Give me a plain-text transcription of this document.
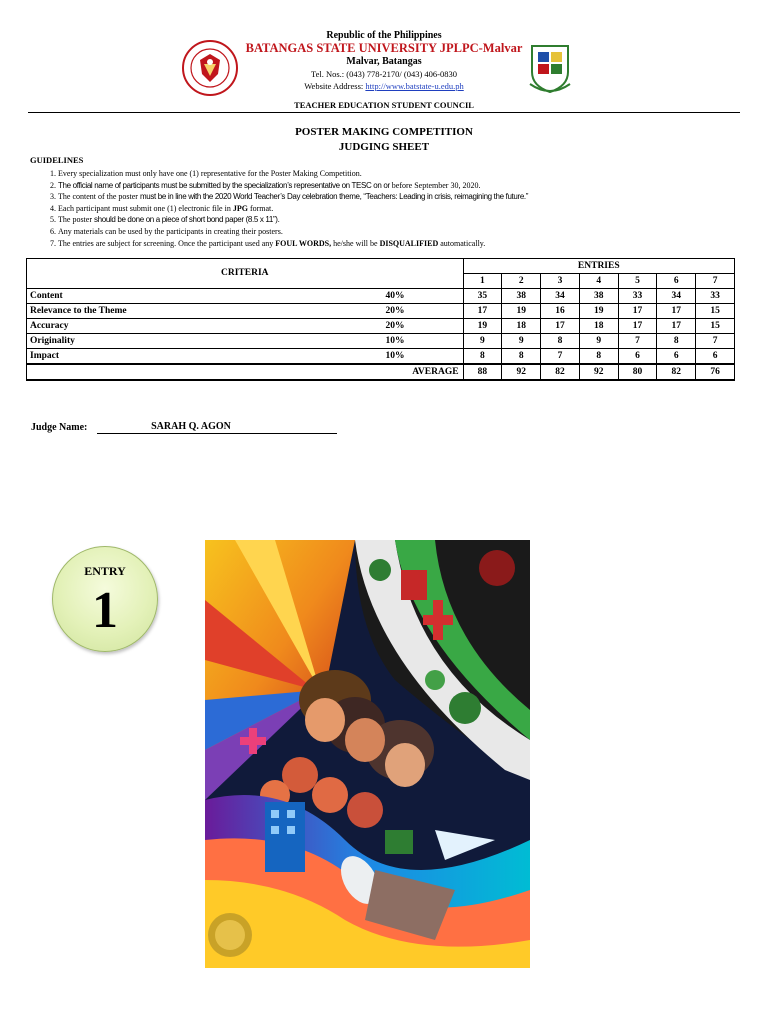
Republic of the Philippines
BATANGAS STATE UNIVERSITY JPLPC-Malvar
Malvar, Batangas
Tel. Nos.: (043) 778-2170/ (043) 406-0830
Website Address: http://www.batstate-u.edu.ph
TEACHER EDUCATION STUDENT COUNCIL
POSTER MAKING COMPETITION
JUDGING SHEET
GUIDELINES
1. Every specialization must only have one (1) representative for the Poster Making Competition.
2. The official name of participants must be submitted by the specialization’s representative on TESC on or before September 30, 2020.
3. The content of the poster must be in line with the 2020 World Teacher’s Day celebration theme, “Teachers: Leading in crisis, reimagining the future.”
4. Each participant must submit one (1) electronic file in JPG format.
5. The poster should be done on a piece of short bond paper (8.5 x 11”).
6. Any materials can be used by the participants in creating their posters.
7. The entries are subject for screening. Once the participant used any FOUL WORDS, he/she will be DISQUALIFIED automatically.
CRITERIA		ENTRIES						
		1	2	3	4	5	6	7
Content	40%	35	38	34	38	33	34	33
Relevance to the Theme	20%	17	19	16	19	17	17	15
Accuracy	20%	19	18	17	18	17	17	15
Originality	10%	9	9	8	9	7	8	7
Impact	10%	8	8	7	8	6	6	6
AVERAGE		88	92	82	92	80	82	76
Judge Name:	SARAH Q. AGON
ENTRY
1
